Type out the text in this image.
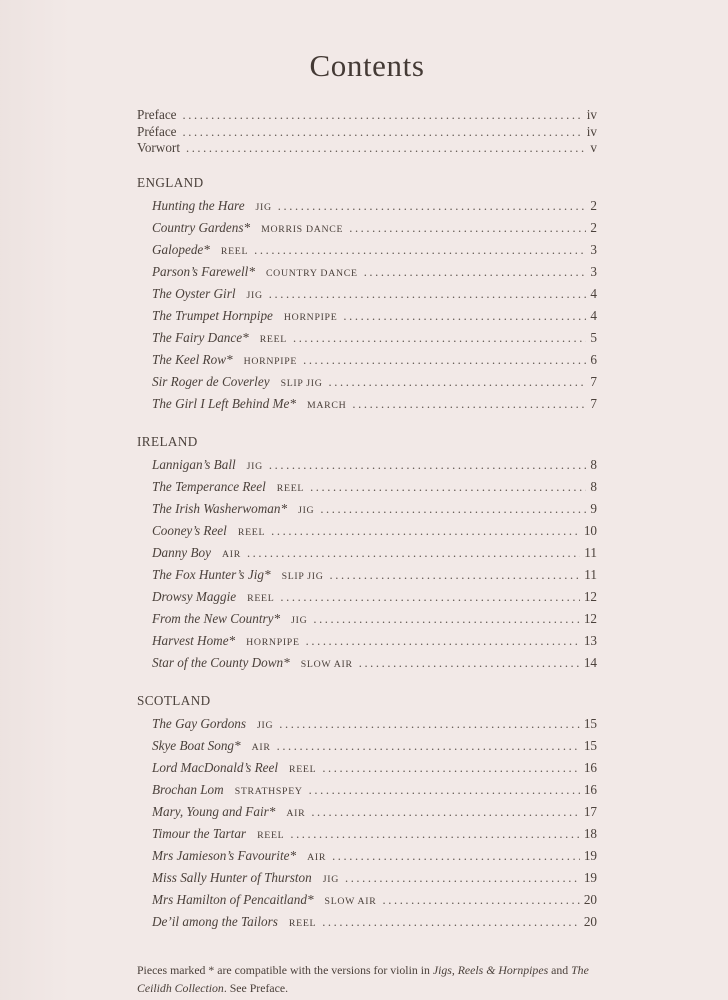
Contents
Preface .....	iv
Préface .....	iv
Vorwort .....	v
ENGLAND
Hunting the Hare JIG .....	2
Country Gardens* MORRIS DANCE .....	2
Galopede* REEL .....	3
Parson’s Farewell* COUNTRY DANCE .....	3
The Oyster Girl JIG .....	4
The Trumpet Hornpipe HORNPIPE .....	4
The Fairy Dance* REEL .....	5
The Keel Row* HORNPIPE .....	6
Sir Roger de Coverley SLIP JIG .....	7
The Girl I Left Behind Me* MARCH .....	7
IRELAND
Lannigan’s Ball JIG .....	8
The Temperance Reel REEL .....	8
The Irish Washerwoman* JIG .....	9
Cooney’s Reel REEL .....	10
Danny Boy AIR .....	11
The Fox Hunter’s Jig* SLIP JIG .....	11
Drowsy Maggie REEL .....	12
From the New Country* JIG .....	12
Harvest Home* HORNPIPE .....	13
Star of the County Down* SLOW AIR .....	14
SCOTLAND
The Gay Gordons JIG .....	15
Skye Boat Song* AIR .....	15
Lord MacDonald’s Reel REEL .....	16
Brochan Lom STRATHSPEY .....	16
Mary, Young and Fair* AIR .....	17
Timour the Tartar REEL .....	18
Mrs Jamieson’s Favourite* AIR .....	19
Miss Sally Hunter of Thurston JIG .....	19
Mrs Hamilton of Pencaitland* SLOW AIR .....	20
De’il among the Tailors REEL .....	20

Pieces marked * are compatible with the versions for violin in Jigs, Reels & Hornpipes and The Ceilidh Collection. See Preface.
